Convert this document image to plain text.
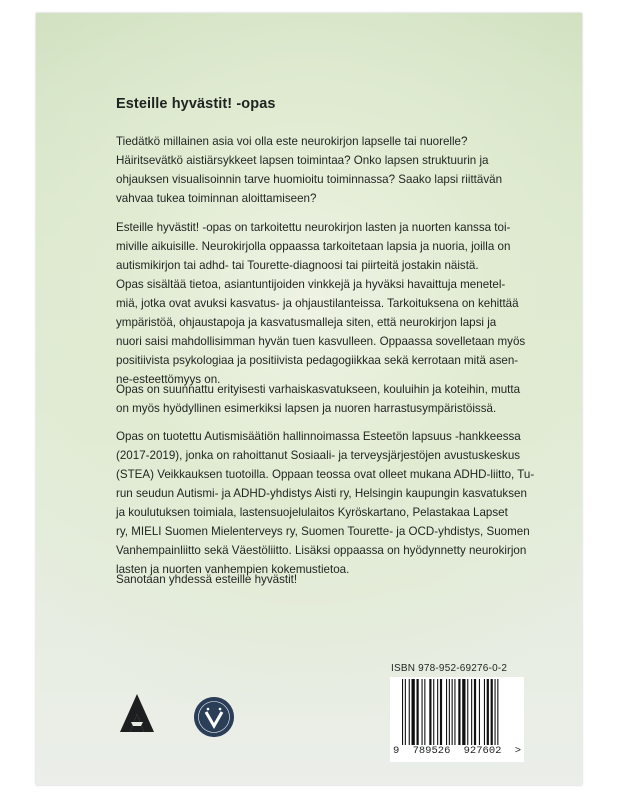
Esteille hyvästit! -opas
Tiedätkö millainen asia voi olla este neurokirjon lapselle tai nuorelle?
Häiritsevätkö aistiärsykkeet lapsen toimintaa? Onko lapsen struktuurin ja
ohjauksen visualisoinnin tarve huomioitu toiminnassa? Saako lapsi riittävän
vahvaa tukea toiminnan aloittamiseen?
Esteille hyvästit! -opas on tarkoitettu neurokirjon lasten ja nuorten kanssa toi-
miville aikuisille. Neurokirjolla oppaassa tarkoitetaan lapsia ja nuoria, joilla on
autismikirjon tai adhd- tai Tourette-diagnoosi tai piirteitä jostakin näistä.
Opas sisältää tietoa, asiantuntijoiden vinkkejä ja hyväksi havaittuja menetel-
miä, jotka ovat avuksi kasvatus- ja ohjaustilanteissa. Tarkoituksena on kehittää
ympäristöä, ohjaustapoja ja kasvatusmalleja siten, että neurokirjon lapsi ja
nuori saisi mahdollisimman hyvän tuen kasvulleen. Oppaassa sovelletaan myös
positiivista psykologiaa ja positiivista pedagogiikkaa sekä kerrotaan mitä asen-
ne-esteettömyys on.
Opas on suunnattu erityisesti varhaiskasvatukseen, kouluihin ja koteihin, mutta
on myös hyödyllinen esimerkiksi lapsen ja nuoren harrastusympäristöissä.
Opas on tuotettu Autismisäätiön hallinnoimassa Esteetön lapsuus -hankkeessa
(2017-2019), jonka on rahoittanut Sosiaali- ja terveysjärjestöjen avustuskeskus
(STEA) Veikkauksen tuotoilla. Oppaan teossa ovat olleet mukana ADHD-liitto, Tu-
run seudun Autismi- ja ADHD-yhdistys Aisti ry, Helsingin kaupungin kasvatuksen
ja koulutuksen toimiala, lastensuojelulaitos Kyröskartano, Pelastakaa Lapset
ry, MIELI Suomen Mielenterveys ry, Suomen Tourette- ja OCD-yhdistys, Suomen
Vanhempainliitto sekä Väestöliitto. Lisäksi oppaassa on hyödynnetty neurokirjon
lasten ja nuorten vanhempien kokemustietoa.
Sanotaan yhdessä esteille hyvästit!
ISBN 978-952-69276-0-2
9 789526 927602 >
